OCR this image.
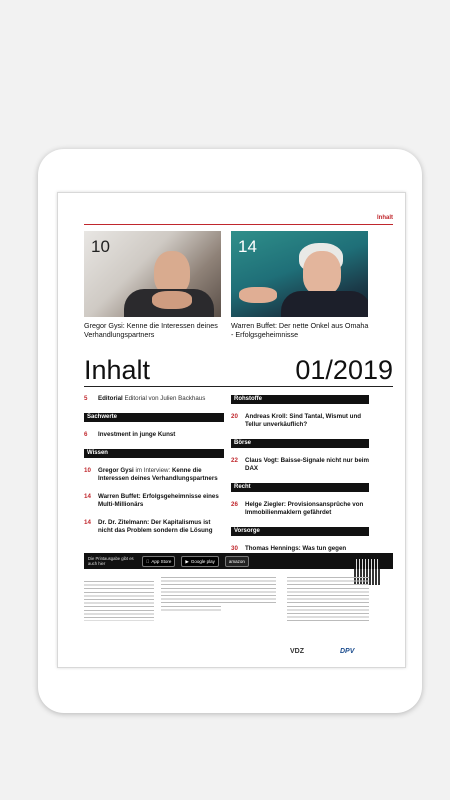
Inhalt
10	14
Gregor Gysi: Kenne die Interessen deines Verhandlungspartners
Warren Buffet: Der nette Onkel aus Omaha - Erfolgsgeheimnisse
Inhalt	01/2019
5	Editorial Editorial von Julien Backhaus
Sachwerte
6	Investment in junge Kunst
Wissen
10	Gregor Gysi im Interview: Kenne die Interessen deines Verhandlungspartners
14	Warren Buffet: Erfolgsgeheimnisse eines Multi-Millionärs
14	Dr. Dr. Zitelmann: Der Kapitalismus ist nicht das Problem sondern die Lösung
Rohstoffe
20	Andreas Kroll: Sind Tantal, Wismut und Tellur unverkäuflich?
Börse
22	Claus Vogt: Baisse-Signale nicht nur beim DAX
Recht
26	Helge Ziegler: Provisionsansprüche von Immobilienmaklern gefährdet
Vorsorge
30	Thomas Hennings: Was tun gegen
Die Printausgabe gibt es auch hier	App Store	▶ Google play	amazon

VDZ	DPV
